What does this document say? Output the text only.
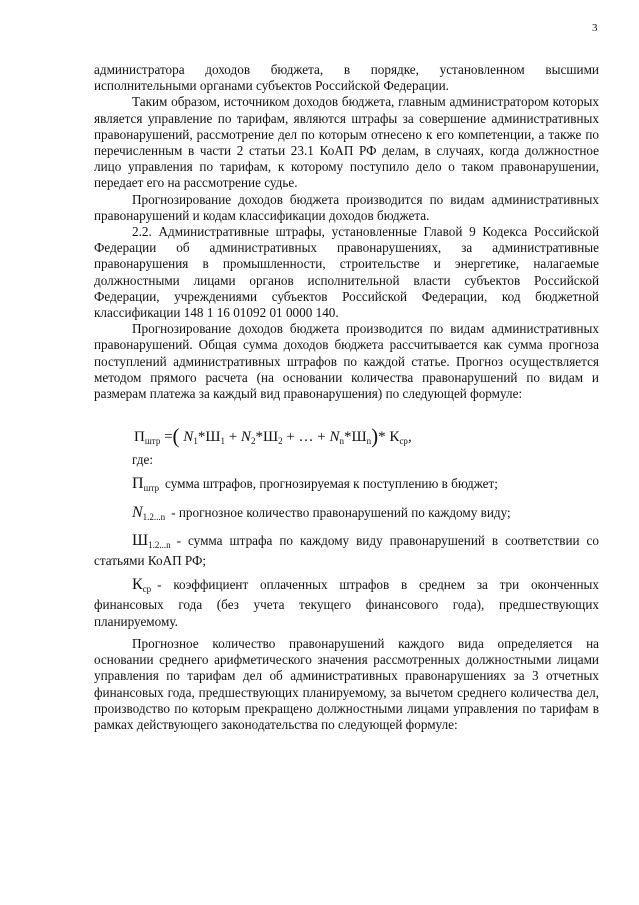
3

администратора доходов бюджета, в порядке, установленном высшими исполнительными органами субъектов Российской Федерации.

Таким образом, источником доходов бюджета, главным администратором которых является управление по тарифам, являются штрафы за совершение административных правонарушений, рассмотрение дел по которым отнесено к его компетенции, а также по перечисленным в части 2 статьи 23.1 КоАП РФ делам, в случаях, когда должностное лицо управления по тарифам, к которому поступило дело о таком правонарушении, передает его на рассмотрение судье.

Прогнозирование доходов бюджета производится по видам административных правонарушений и кодам классификации доходов бюджета.

2.2. Административные штрафы, установленные Главой 9 Кодекса Российской Федерации об административных правонарушениях, за административные правонарушения в промышленности, строительстве и энергетике, налагаемые должностными лицами органов исполнительной власти субъектов Российской Федерации, учреждениями субъектов Российской Федерации, код бюджетной классификации 148 1 16 01092 01 0000 140.

Прогнозирование доходов бюджета производится по видам административных правонарушений. Общая сумма доходов бюджета рассчитывается как сумма прогноза поступлений административных штрафов по каждой статье. Прогноз осуществляется методом прямого расчета (на основании количества правонарушений по видам и размерам платежа за каждый вид правонарушения) по следующей формуле:

$П_{штр}$ =( $N_1*Ш_1 + N_2*Ш_2$ + … + $N_n*Ш_n)*$ $К_{ср}$,

где:

$П_{штр}$ сумма штрафов, прогнозируемая к поступлению в бюджет;

$N_{1.2...n}$ - прогнозное количество правонарушений по каждому виду;

$Ш_{1.2...n}$ - сумма штрафа по каждому виду правонарушений в соответствии со статьями КоАП РФ;

$К_{ср}$ - коэффициент оплаченных штрафов в среднем за три оконченных финансовых года (без учета текущего финансового года), предшествующих планируемому.

Прогнозное количество правонарушений каждого вида определяется на основании среднего арифметического значения рассмотренных должностными лицами управления по тарифам дел об административных правонарушениях за 3 отчетных финансовых года, предшествующих планируемому, за вычетом среднего количества дел, производство по которым прекращено должностными лицами управления по тарифам в рамках действующего законодательства по следующей формуле:
